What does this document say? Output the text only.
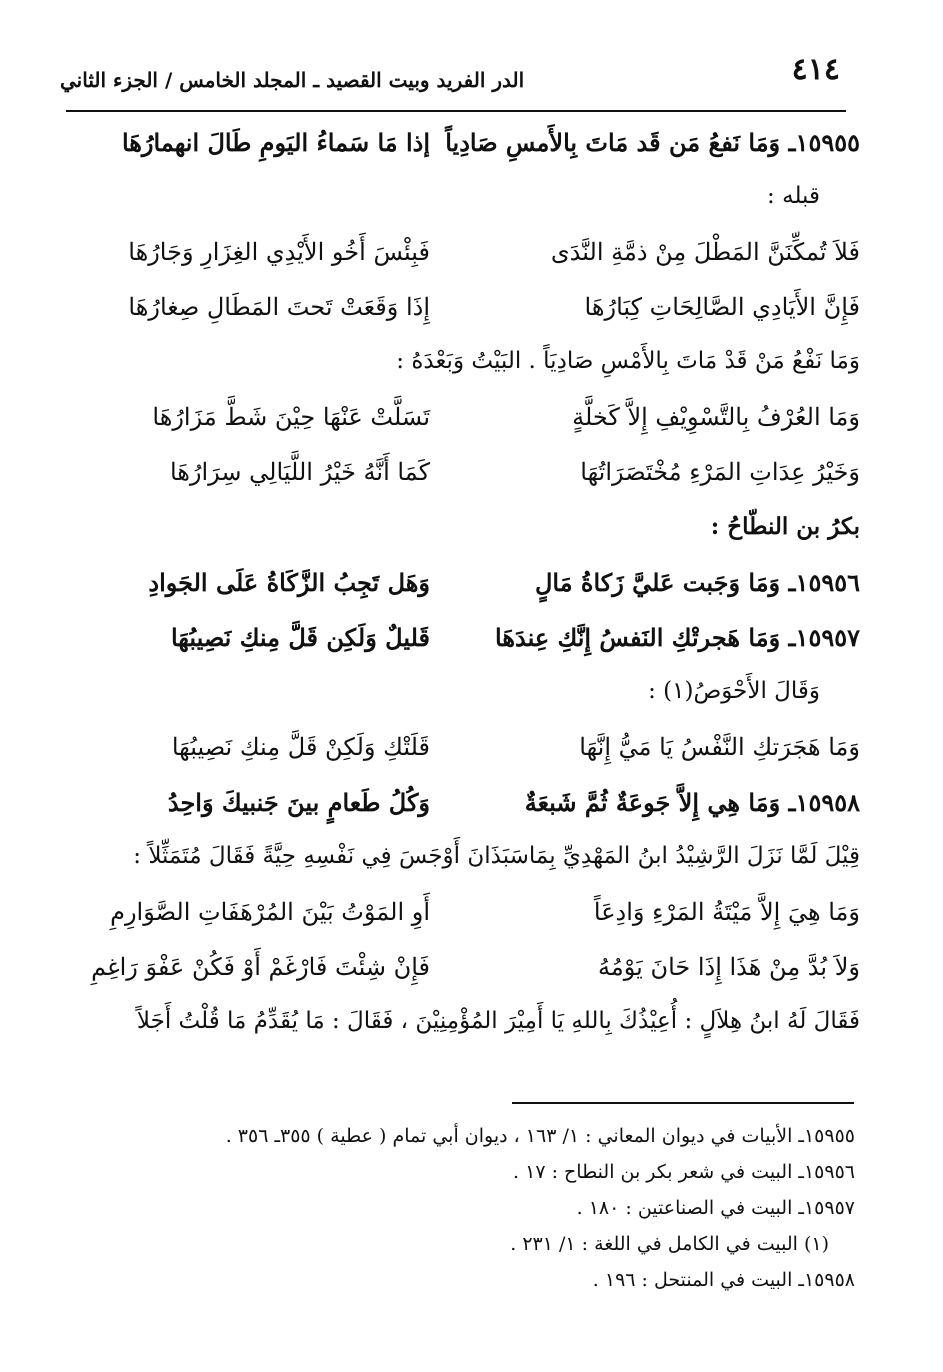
٤١٤
الدر الفريد وبيت القصيد ـ المجلد الخامس / الجزء الثاني
١٥٩٥٥ـ وَمَا نَفعُ مَن قَد مَاتَ بِالأَمسِ صَادِياً
إذا مَا سَماءُ اليَومِ طَالَ انهمارُهَا
قبله :
فَلاَ تُمكِّنَنَّ المَطْلَ مِنْ ذمَّةِ النَّدَى
فَبِئْسَ أَخُو الأَيْدِي الغِزَارِ وَجَارُهَا
فَإِنَّ الأَيَادِي الصَّالِحَاتِ كِبَارُهَا
إِذَا وَقَعَتْ تَحتَ المَطَالِ صِغارُهَا
وَمَا نَفْعُ مَنْ قَدْ مَاتَ بِالأَمْسِ صَادِيَاً . البَيْتُ وَبَعْدَهُ :
وَمَا العُرْفُ بِالتَّسْوِيْفِ إِلاَّ كَخلَّةٍ
تَسَلَّتْ عَنْهَا حِيْنَ شَطَّ مَزَارُهَا
وَخَيْرُ عِدَاتِ المَرْءِ مُخْتَصَرَاتُهَا
كَمَا أَنَّهُ خَيْرُ اللَّيَالِي سِرَارُهَا
بكرُ بن النطّاحُ :
١٥٩٥٦ـ وَمَا وَجَبت عَليَّ زَكاةُ مَالٍ
وَهَل تَجِبُ الزَّكَاةُ عَلَى الجَوادِ
١٥٩٥٧ـ وَمَا هَجرتْكِ النَفسُ إِنَّكِ عِندَهَا
قَليلٌ وَلَكِن قَلَّ مِنكِ نَصِيبُهَا
وَقَالَ الأَحْوَصُ(١) :
وَمَا هَجَرَتكِ النَّفْسُ يَا مَيُّ إِنَّهَا
قَلَتْكِ وَلَكِنْ قَلَّ مِنكِ نَصِيبُهَا
١٥٩٥٨ـ وَمَا هِي إِلاَّ جَوعَةٌ ثُمَّ شَبعَةٌ
وَكُلُ طَعامٍ بينَ جَنبيكَ وَاحِدُ
قِيْلَ لَمَّا نَزَلَ الرَّشِيْدُ ابنُ المَهْدِيِّ بِمَاسَبَذَانَ أَوْجَسَ فِي نَفْسِهِ حِيَّةً فَقَالَ مُتَمَثِّلاً :
وَمَا هِيَ إِلاَّ مَيْتَةُ المَرْءِ وَادِعَاً
أَوِ المَوْتُ بَيْنَ المُرْهَفَاتِ الصَّوَارِمِ
وَلاَ بُدَّ مِنْ هَذَا إِذَا حَانَ يَوْمُهُ
فَإِنْ شِئْتَ فَارْغَمْ أَوْ فَكُنْ عَفْوَ رَاغِمِ
فَقَالَ لَهُ ابنُ هِلاَلٍ : أُعِيْذُكَ بِاللهِ يَا أَمِيْرَ المُؤْمِنِيْنَ ، فَقَالَ : مَا يُقَدِّمُ مَا قُلْتُ أَجَلاً
١٥٩٥٥ـ الأبيات في ديوان المعاني : ١/ ١٦٣ ، ديوان أبي تمام ( عطية ) ٣٥٥ـ ٣٥٦ .
١٥٩٥٦ـ البيت في شعر بكر بن النطاح : ١٧ .
١٥٩٥٧ـ البيت في الصناعتين : ١٨٠ .
(١) البيت في الكامل في اللغة : ١/ ٢٣١ .
١٥٩٥٨ـ البيت في المنتحل : ١٩٦ .
